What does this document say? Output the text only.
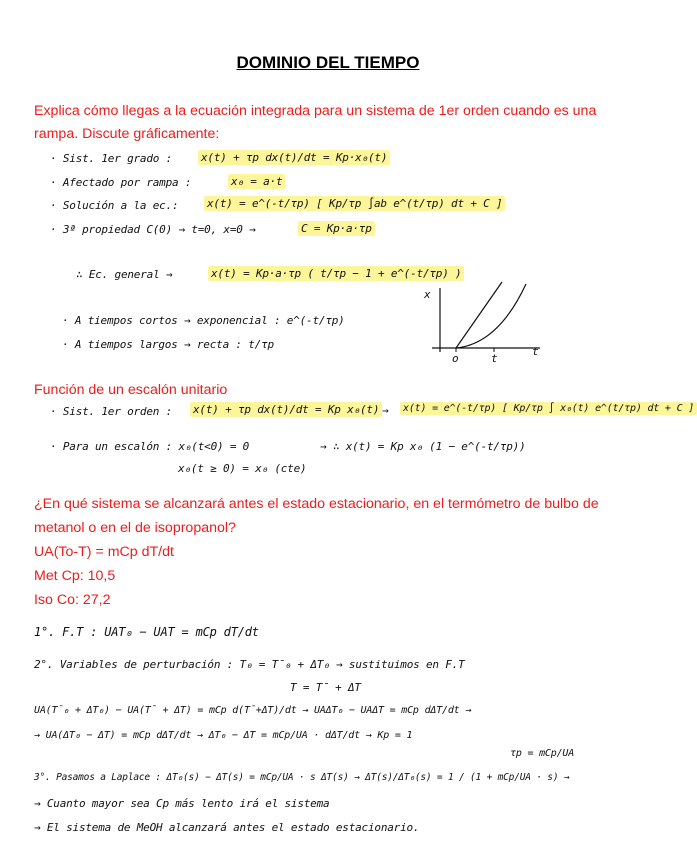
DOMINIO DEL TIEMPO
Explica cómo llegas a la ecuación integrada para un sistema de 1er orden cuando es una
rampa. Discute gráficamente:
· Sist. 1er grado :	x(t) + τp dx(t)/dt = Kp·x₀(t)
· Afectado por rampa :	x₀ = a·t
· Solución a la ec.:	x(t) = e^(-t/τp) [ Kp/τp ∫ab e^(t/τp) dt + C ]
· 3ª propiedad C(0) → t=0, x=0 →	C = Kp·a·τp
∴ Ec. general →	x(t) = Kp·a·τp ( t/τp − 1 + e^(-t/τp) )
· A tiempos cortos → exponencial : e^(-t/τp)
· A tiempos largos → recta : t/τp
x
o	t
t
Función de un escalón unitario
· Sist. 1er orden : x(t) + τp dx(t)/dt = Kp x₀(t) →	x(t) = e^(-t/τp) [ Kp/τp ∫ x₀(t) e^(t/τp) dt + C ]
· Para un escalón : x₀(t<0) = 0	→ ∴ x(t) = Kp x₀ (1 − e^(-t/τp))
x₀(t ≥ 0) = x₀ (cte)
¿En qué sistema se alcanzará antes el estado estacionario, en el termómetro de bulbo de
metanol o en el de isopropanol?
UA(To-T) = mCp dT/dt
Met Cp: 10,5
Iso Co: 27,2
1°. F.T : UAT₀ − UAT = mCp dT/dt
2°. Variables de perturbación : T₀ = T̄₀ + ΔT₀ → sustituimos en F.T
T = T̄ + ΔT
UA(T̄₀ + ΔT₀) − UA(T̄ + ΔT) = mCp d(T̄+ΔT)/dt → UAΔT₀ − UAΔT = mCp dΔT/dt →
→ UA(ΔT₀ − ΔT) = mCp dΔT/dt → ΔT₀ − ΔT = mCp/UA · dΔT/dt → Kp = 1
τp = mCp/UA
3°. Pasamos a Laplace : ΔT₀(s) − ΔT(s) = mCp/UA · s ΔT(s) → ΔT(s)/ΔT₀(s) = 1 / (1 + mCp/UA · s) →
→ Cuanto mayor sea Cp más lento irá el sistema
→ El sistema de MeOH alcanzará antes el estado estacionario.
